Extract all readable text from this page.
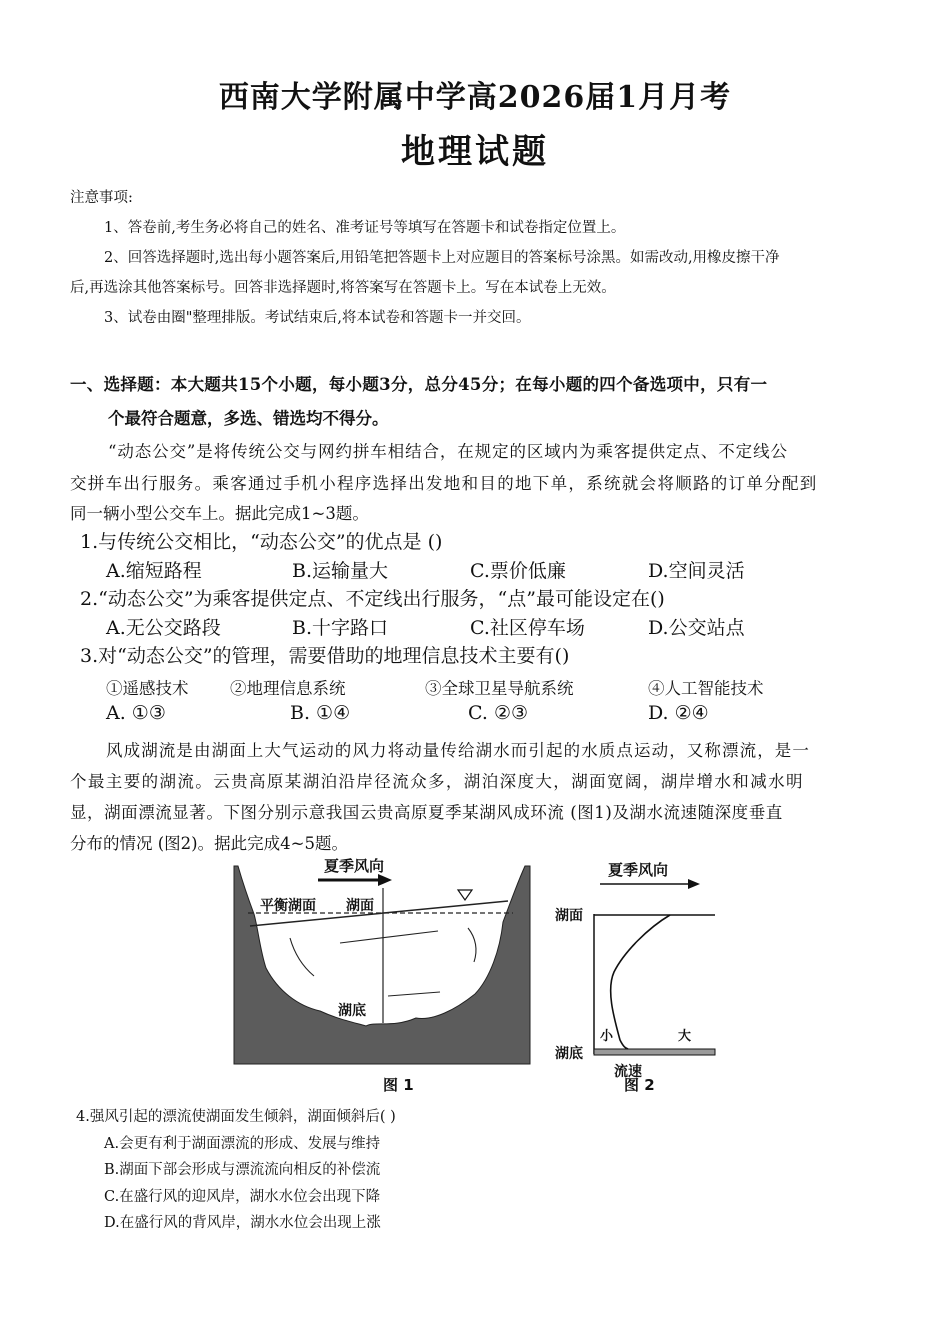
西南大学附属中学高2026届1月月考
地理试题
注意事项:
1、答卷前,考生务必将自己的姓名、准考证号等填写在答题卡和试卷指定位置上。
2、回答选择题时,选出每小题答案后,用铅笔把答题卡上对应题目的答案标号涂黑。如需改动,用橡皮擦干净
后,再选涂其他答案标号。回答非选择题时,将答案写在答题卡上。写在本试卷上无效。
3、试卷由圈"整理排版。考试结束后,将本试卷和答题卡一并交回。
一、选择题：本大题共15个小题，每小题3分，总分45分；在每小题的四个备选项中，只有一
个最符合题意，多选、错选均不得分。
“动态公交”是将传统公交与网约拼车相结合，在规定的区域内为乘客提供定点、不定线公
交拼车出行服务。乘客通过手机小程序选择出发地和目的地下单，系统就会将顺路的订单分配到
同一辆小型公交车上。据此完成1~3题。
1.与传统公交相比，“动态公交”的优点是 ()
A.缩短路程	B.运输量大	C.票价低廉	D.空间灵活
2.“动态公交”为乘客提供定点、不定线出行服务，“点”最可能设定在()
A.无公交路段	B.十字路口	C.社区停车场	D.公交站点
3.对“动态公交”的管理，需要借助的地理信息技术主要有()
①遥感技术	②地理信息系统	③全球卫星导航系统	④人工智能技术
A. ①③	B. ①④	C. ②③	D. ②④
风成湖流是由湖面上大气运动的风力将动量传给湖水而引起的水质点运动，又称漂流，是一
个最主要的湖流。云贵高原某湖泊沿岸径流众多，湖泊深度大，湖面宽阔，湖岸增水和减水明
显，湖面漂流显著。下图分别示意我国云贵高原夏季某湖风成环流 (图1)及湖水流速随深度垂直
分布的情况 (图2)。据此完成4~5题。
夏季风向
平衡湖面 湖面
湖底
图 1
夏季风向
湖面
湖底
小	大
流速
图 2
4.强风引起的漂流使湖面发生倾斜，湖面倾斜后( )
A.会更有利于湖面漂流的形成、发展与维持
B.湖面下部会形成与漂流流向相反的补偿流
C.在盛行风的迎风岸，湖水水位会出现下降
D.在盛行风的背风岸，湖水水位会出现上涨
